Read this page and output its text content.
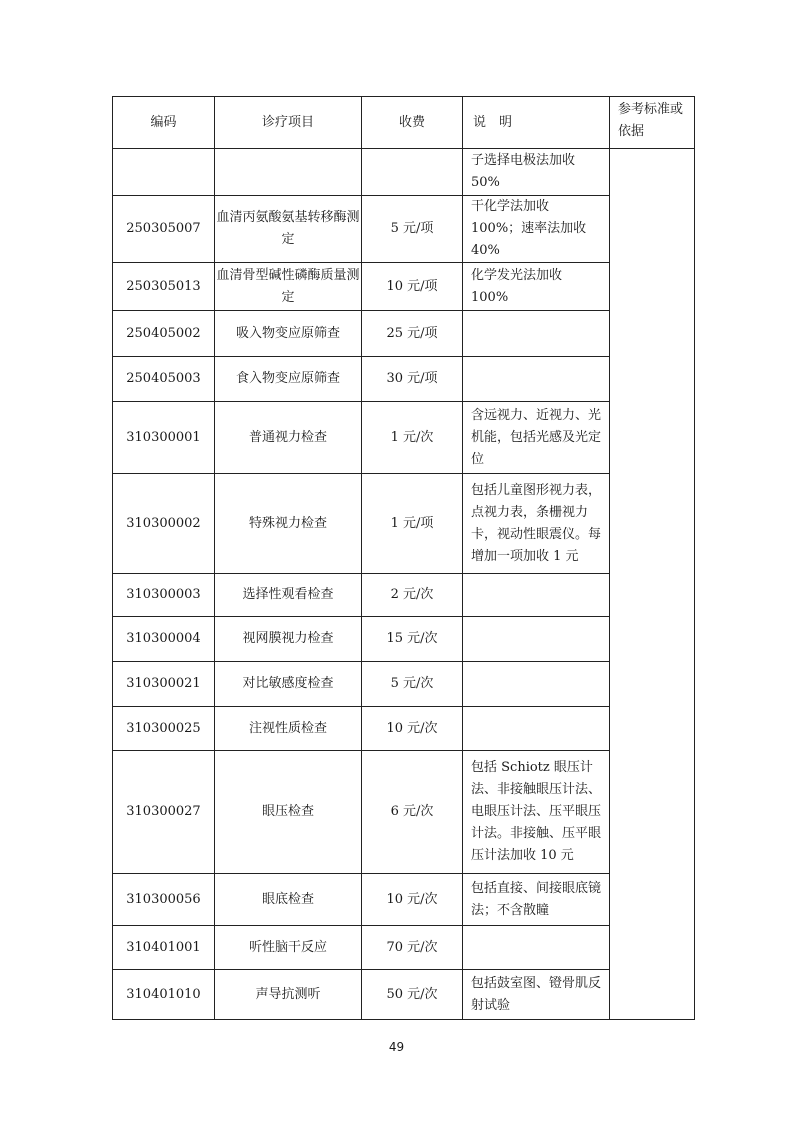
编码	诊疗项目	收费	说　明	参考标准或依据
			子选择电极法加收50%	
250305007	血清丙氨酸氨基转移酶测定	5 元/项	干化学法加收 100%；速率法加收 40%	
250305013	血清骨型碱性磷酶质量测定	10 元/项	化学发光法加收 100%	
250405002	吸入物变应原筛查	25 元/项		
250405003	食入物变应原筛查	30 元/项		
310300001	普通视力检查	1 元/次	含远视力、近视力、光机能，包括光感及光定位	
310300002	特殊视力检查	1 元/项	包括儿童图形视力表，点视力表，条栅视力卡，视动性眼震仪。每增加一项加收 1 元	
310300003	选择性观看检查	2 元/次		
310300004	视网膜视力检查	15 元/次		
310300021	对比敏感度检查	5 元/次		
310300025	注视性质检查	10 元/次		
310300027	眼压检查	6 元/次	包括 Schiotz 眼压计法、非接触眼压计法、电眼压计法、压平眼压计法。非接触、压平眼压计法加收 10 元	
310300056	眼底检查	10 元/次	包括直接、间接眼底镜法；不含散瞳	
310401001	听性脑干反应	70 元/次		
310401010	声导抗测听	50 元/次	包括鼓室图、镫骨肌反射试验	
49
